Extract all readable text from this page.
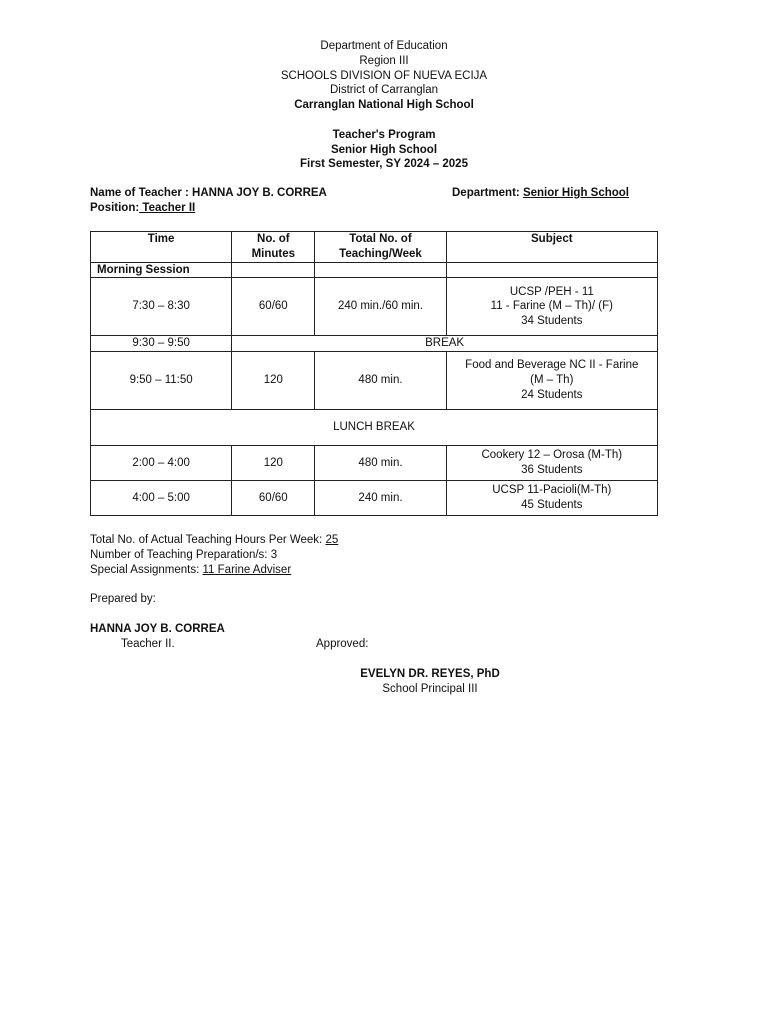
Department of Education
Region III
SCHOOLS DIVISION OF NUEVA ECIJA
District of Carranglan
Carranglan National High School
Teacher's Program
Senior High School
First Semester, SY 2024 – 2025
Name of Teacher : HANNA JOY B. CORREA	Department: Senior High School
Position: Teacher II
Time	No. of Minutes	Total No. of Teaching/Week	Subject
Morning Session			
7:30 – 8:30	60/60	240 min./60 min.	UCSP /PEH - 11
11 - Farine (M – Th)/ (F)
34 Students

9:30 – 9:50	BREAK		
9:50 – 11:50	120	480 min.	Food and Beverage NC II - Farine
(M – Th)
24 Students

LUNCH BREAK			
2:00 – 4:00	120	480 min.	Cookery 12 – Orosa (M-Th)
36 Students

4:00 – 5:00	60/60	240 min.	UCSP 11-Pacioli(M-Th)
45 Students
Total No. of Actual Teaching Hours Per Week: 25
Number of Teaching Preparation/s: 3
Special Assignments: 11 Farine Adviser
Prepared by:
HANNA JOY B. CORREA
Teacher II.	Approved:
EVELYN DR. REYES, PhD
School Principal III
